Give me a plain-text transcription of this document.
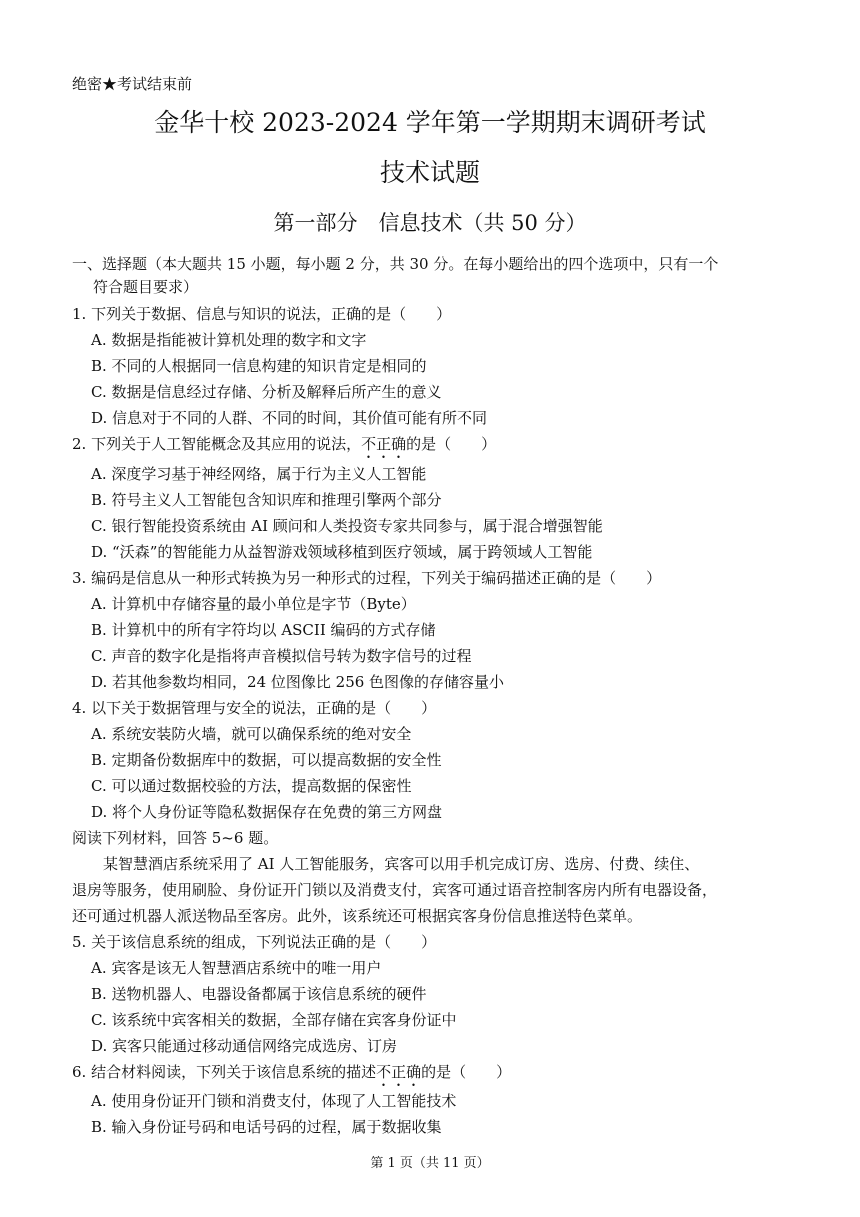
绝密★考试结束前
金华十校 2023-2024 学年第一学期期末调研考试
技术试题
第一部分　信息技术（共 50 分）
一、选择题（本大题共 15 小题，每小题 2 分，共 30 分。在每小题给出的四个选项中，只有一个
符合题目要求）
1. 下列关于数据、信息与知识的说法，正确的是（　　）
A. 数据是指能被计算机处理的数字和文字
B. 不同的人根据同一信息构建的知识肯定是相同的
C. 数据是信息经过存储、分析及解释后所产生的意义
D. 信息对于不同的人群、不同的时间，其价值可能有所不同
2. 下列关于人工智能概念及其应用的说法，不正确的是（　　）
A. 深度学习基于神经网络，属于行为主义人工智能
B. 符号主义人工智能包含知识库和推理引擎两个部分
C. 银行智能投资系统由 AI 顾问和人类投资专家共同参与，属于混合增强智能
D. “沃森”的智能能力从益智游戏领域移植到医疗领域，属于跨领域人工智能
3. 编码是信息从一种形式转换为另一种形式的过程，下列关于编码描述正确的是（　　）
A. 计算机中存储容量的最小单位是字节（Byte）
B. 计算机中的所有字符均以 ASCII 编码的方式存储
C. 声音的数字化是指将声音模拟信号转为数字信号的过程
D. 若其他参数均相同，24 位图像比 256 色图像的存储容量小
4. 以下关于数据管理与安全的说法，正确的是（　　）
A. 系统安装防火墙，就可以确保系统的绝对安全
B. 定期备份数据库中的数据，可以提高数据的安全性
C. 可以通过数据校验的方法，提高数据的保密性
D. 将个人身份证等隐私数据保存在免费的第三方网盘
阅读下列材料，回答 5~6 题。
某智慧酒店系统采用了 AI 人工智能服务，宾客可以用手机完成订房、选房、付费、续住、
退房等服务，使用刷脸、身份证开门锁以及消费支付，宾客可通过语音控制客房内所有电器设备，
还可通过机器人派送物品至客房。此外，该系统还可根据宾客身份信息推送特色菜单。
5. 关于该信息系统的组成，下列说法正确的是（　　）
A. 宾客是该无人智慧酒店系统中的唯一用户
B. 送物机器人、电器设备都属于该信息系统的硬件
C. 该系统中宾客相关的数据，全部存储在宾客身份证中
D. 宾客只能通过移动通信网络完成选房、订房
6. 结合材料阅读，下列关于该信息系统的描述不正确的是（　　）
A. 使用身份证开门锁和消费支付，体现了人工智能技术
B. 输入身份证号码和电话号码的过程，属于数据收集
第 1 页（共 11 页）
